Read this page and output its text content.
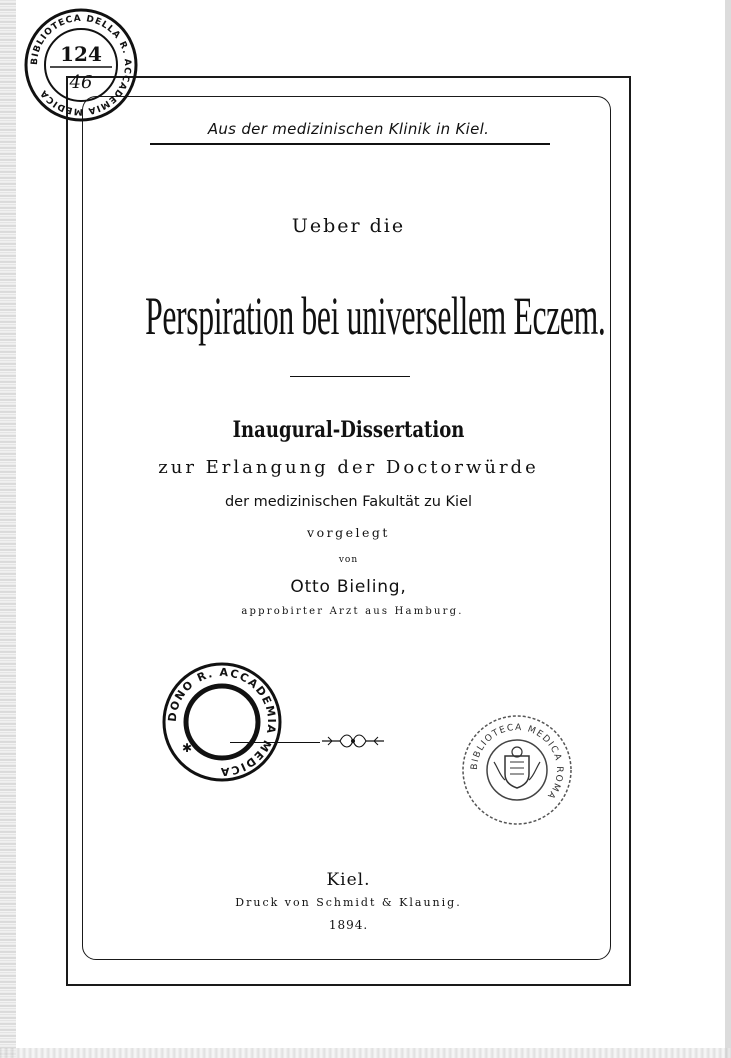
Aus der medizinischen Klinik in Kiel.
Ueber die
Perspiration bei universellem Eczem.
Inaugural-Dissertation
zur Erlangung der Doctorwürde
der medizinischen Fakultät zu Kiel
vorgelegt
von
Otto Bieling,
approbirter Arzt aus Hamburg.
Kiel.
Druck von Schmidt & Klaunig.
1894.
BIBLIOTECA DELLA R. ACCADEMIA MEDICA
124
46
DONO R. ACCADEMIA MEDICA
✱
BIBLIOTECA MEDICA ROMA
